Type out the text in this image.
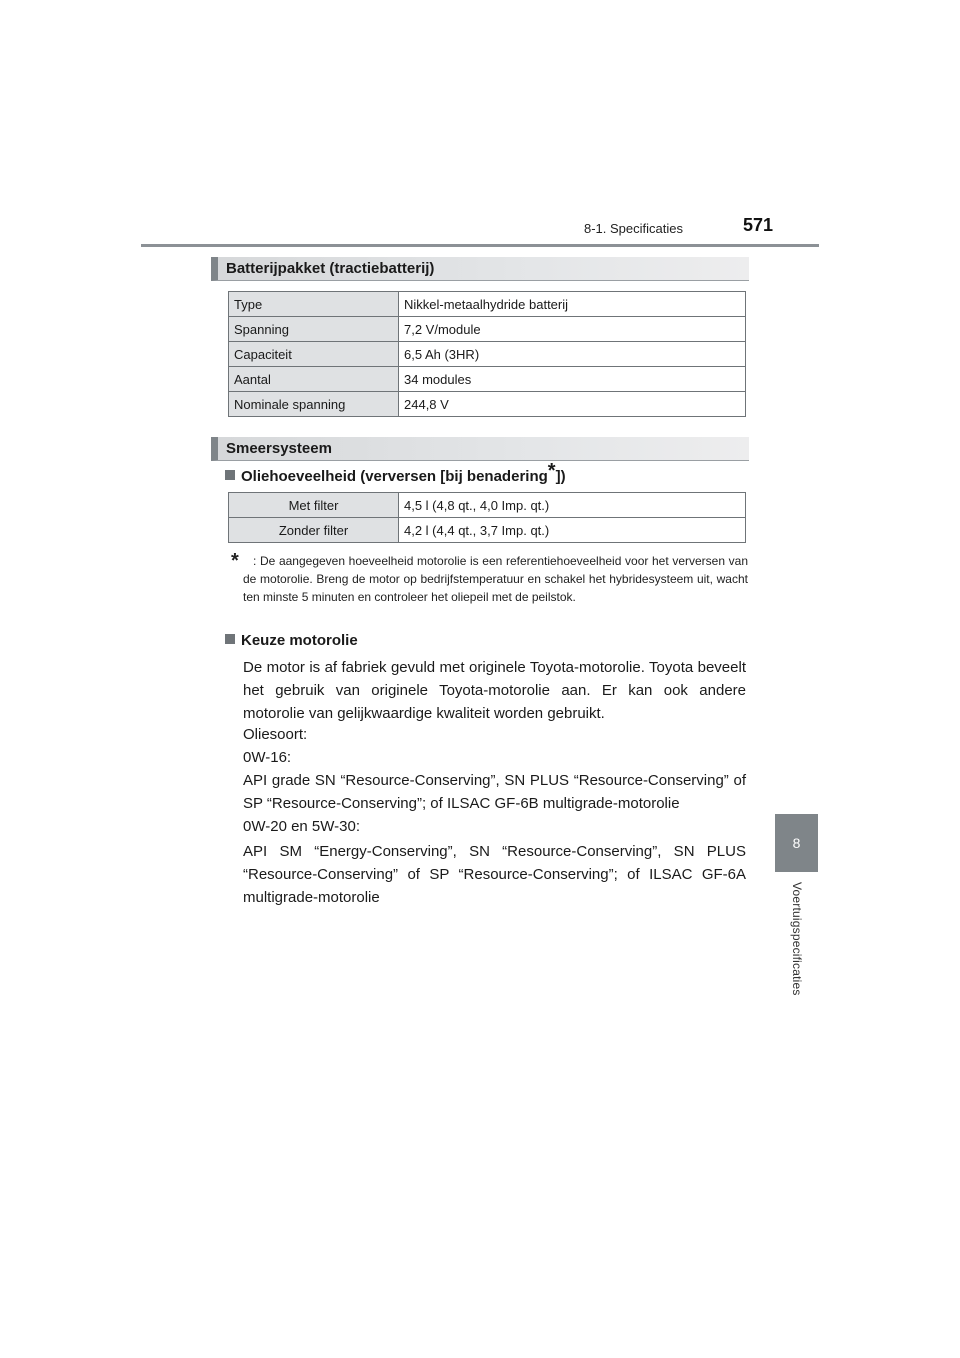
8-1. Specificaties	571
8
Voertuigspecificaties
Batterijpakket (tractiebatterij)
Type	Nikkel-metaalhydride batterij
Spanning	7,2 V/module
Capaciteit	6,5 Ah (3HR)
Aantal	34 modules
Nominale spanning	244,8 V
Smeersysteem
Oliehoeveelheid (verversen [bij benadering*])
Met filter	4,5 l (4,8 qt., 4,0 Imp. qt.)
Zonder filter	4,2 l (4,4 qt., 3,7 Imp. qt.)
*	: De aangegeven hoeveelheid motorolie is een referentiehoeveelheid voor het verversen van de motorolie. Breng de motor op bedrijfstemperatuur en schakel het hybridesysteem uit, wacht ten minste 5 minuten en controleer het oliepeil met de peilstok.
Keuze motorolie
De motor is af fabriek gevuld met originele Toyota-motorolie. Toyota beveelt het gebruik van originele Toyota-motorolie aan. Er kan ook andere motorolie van gelijkwaardige kwaliteit worden gebruikt.
Oliesoort:
0W-16:
API grade SN “Resource-Conserving”, SN PLUS “Resource-Conserving” of SP “Resource-Conserving”; of ILSAC GF-6B multigrade-motorolie
0W-20 en 5W-30:
API SM “Energy-Conserving”, SN “Resource-Conserving”, SN PLUS “Resource-Conserving” of SP “Resource-Conserving”; of ILSAC GF-6A multigrade-motorolie
